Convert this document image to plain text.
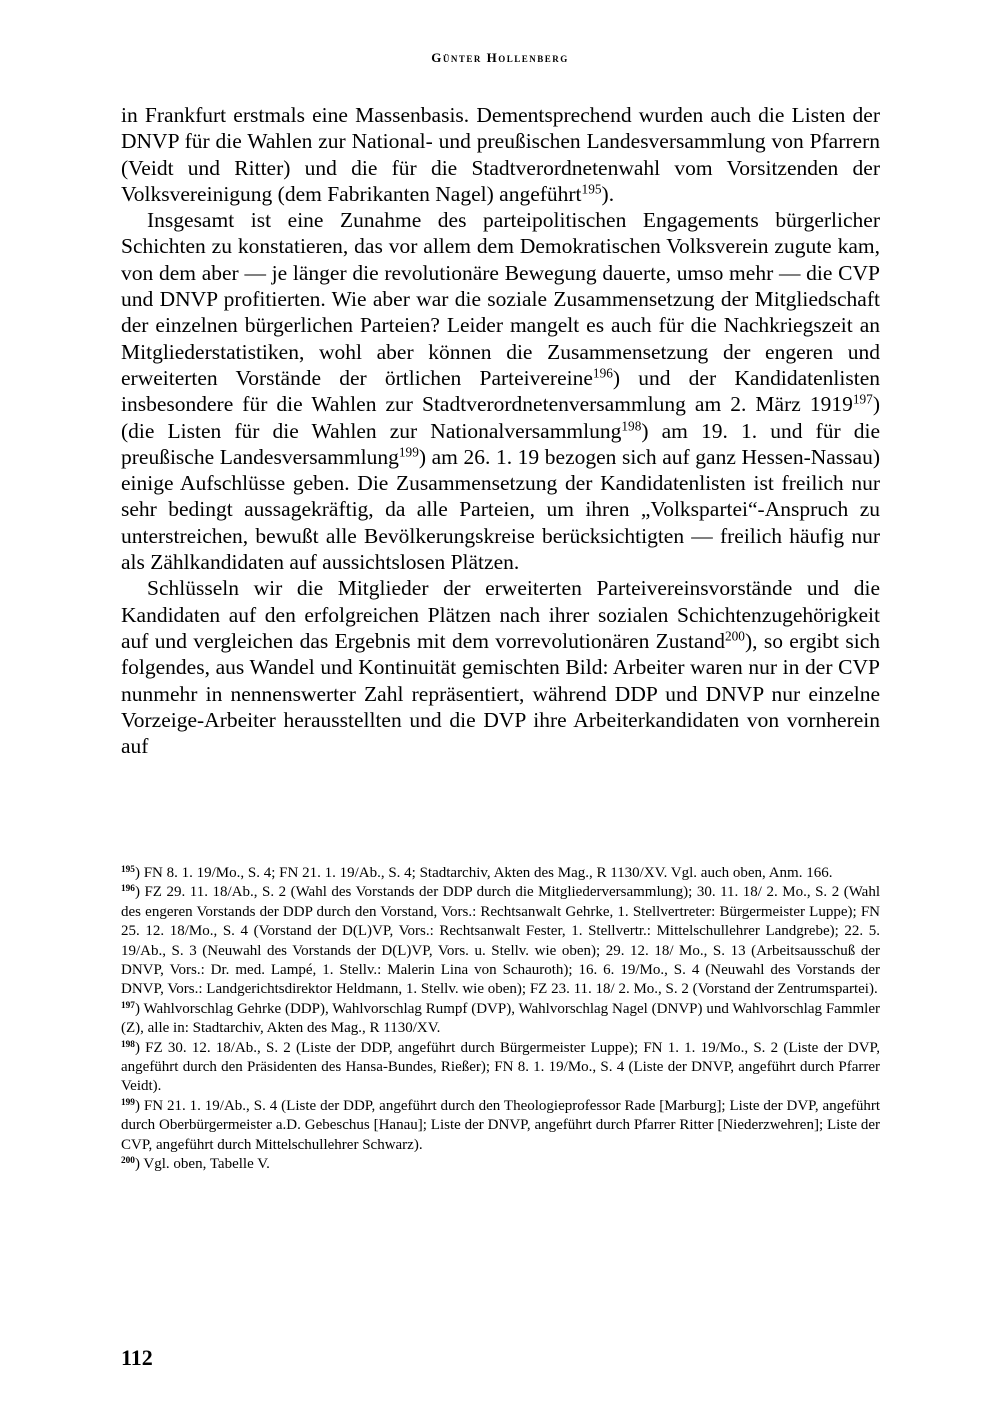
Günter Hollenberg

in Frankfurt erstmals eine Massenbasis. Dementsprechend wurden auch die Listen der DNVP für die Wahlen zur National- und preußischen Landesversammlung von Pfarrern (Veidt und Ritter) und die für die Stadtverordnetenwahl vom Vorsitzenden der Volksvereinigung (dem Fabrikanten Nagel) angeführt$^{195}$).

Insgesamt ist eine Zunahme des parteipolitischen Engagements bürgerlicher Schichten zu konstatieren, das vor allem dem Demokratischen Volksverein zugute kam, von dem aber — je länger die revolutionäre Bewegung dauerte, umso mehr — die CVP und DNVP profitierten. Wie aber war die soziale Zusammensetzung der Mitgliedschaft der einzelnen bürgerlichen Parteien? Leider mangelt es auch für die Nachkriegszeit an Mitgliederstatistiken, wohl aber können die Zusammensetzung der engeren und erweiterten Vorstände der örtlichen Parteivereine$^{196}$) und der Kandidatenlisten insbesondere für die Wahlen zur Stadtverordnetenversammlung am 2. März 1919$^{197}$) (die Listen für die Wahlen zur Nationalversammlung$^{198}$) am 19. 1. und für die preußische Landesversammlung$^{199}$) am 26. 1. 19 bezogen sich auf ganz Hessen-Nassau) einige Aufschlüsse geben. Die Zusammensetzung der Kandidatenlisten ist freilich nur sehr bedingt aussagekräftig, da alle Parteien, um ihren „Volkspartei“-Anspruch zu unterstreichen, bewußt alle Bevölkerungskreise berücksichtigten — freilich häufig nur als Zählkandidaten auf aussichtslosen Plätzen.

Schlüsseln wir die Mitglieder der erweiterten Parteivereinsvorstände und die Kandidaten auf den erfolgreichen Plätzen nach ihrer sozialen Schichtenzugehörigkeit auf und vergleichen das Ergebnis mit dem vorrevolutionären Zustand$^{200}$), so ergibt sich folgendes, aus Wandel und Kontinuität gemischten Bild: Arbeiter waren nur in der CVP nunmehr in nennenswerter Zahl repräsentiert, während DDP und DNVP nur einzelne Vorzeige-Arbeiter herausstellten und die DVP ihre Arbeiterkandidaten von vornherein auf

$^{195}$) FN 8. 1. 19/Mo., S. 4; FN 21. 1. 19/Ab., S. 4; Stadtarchiv, Akten des Mag., R 1130/XV. Vgl. auch oben, Anm. 166.

$^{196}$) FZ 29. 11. 18/Ab., S. 2 (Wahl des Vorstands der DDP durch die Mitgliederversammlung); 30. 11. 18/ 2. Mo., S. 2 (Wahl des engeren Vorstands der DDP durch den Vorstand, Vors.: Rechtsanwalt Gehrke, 1. Stellvertreter: Bürgermeister Luppe); FN 25. 12. 18/Mo., S. 4 (Vorstand der D(L)VP, Vors.: Rechtsanwalt Fester, 1. Stellvertr.: Mittelschullehrer Landgrebe); 22. 5. 19/Ab., S. 3 (Neuwahl des Vorstands der D(L)VP, Vors. u. Stellv. wie oben); 29. 12. 18/ Mo., S. 13 (Arbeitsausschuß der DNVP, Vors.: Dr. med. Lampé, 1. Stellv.: Malerin Lina von Schauroth); 16. 6. 19/Mo., S. 4 (Neuwahl des Vorstands der DNVP, Vors.: Landgerichtsdirektor Heldmann, 1. Stellv. wie oben); FZ 23. 11. 18/ 2. Mo., S. 2 (Vorstand der Zentrumspartei).

$^{197}$) Wahlvorschlag Gehrke (DDP), Wahlvorschlag Rumpf (DVP), Wahlvorschlag Nagel (DNVP) und Wahlvorschlag Fammler (Z), alle in: Stadtarchiv, Akten des Mag., R 1130/XV.

$^{198}$) FZ 30. 12. 18/Ab., S. 2 (Liste der DDP, angeführt durch Bürgermeister Luppe); FN 1. 1. 19/Mo., S. 2 (Liste der DVP, angeführt durch den Präsidenten des Hansa-Bundes, Rießer); FN 8. 1. 19/Mo., S. 4 (Liste der DNVP, angeführt durch Pfarrer Veidt).

$^{199}$) FN 21. 1. 19/Ab., S. 4 (Liste der DDP, angeführt durch den Theologieprofessor Rade [Marburg]; Liste der DVP, angeführt durch Oberbürgermeister a.D. Gebeschus [Hanau]; Liste der DNVP, angeführt durch Pfarrer Ritter [Niederzwehren]; Liste der CVP, angeführt durch Mittelschullehrer Schwarz).

$^{200}$) Vgl. oben, Tabelle V.

112
